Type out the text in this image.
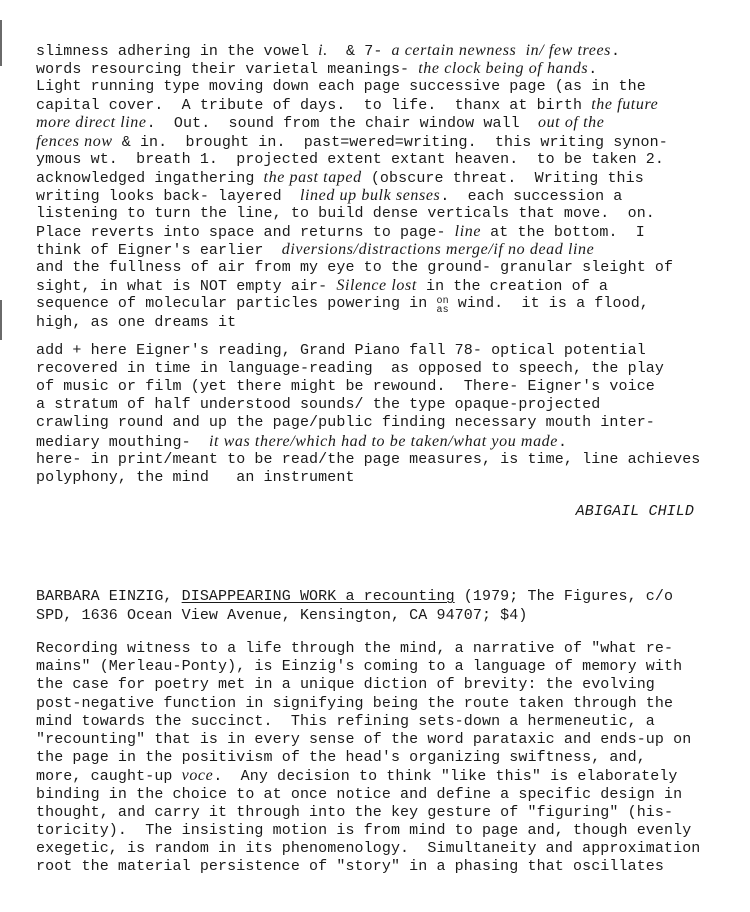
slimness adhering in the vowel i.  & 7- a certain newness  in/ few trees.
words resourcing their varietal meanings- the clock being of hands.
Light running type moving down each page successive page (as in the
capital cover.  A tribute of days.  to life.  thanx at birth the future
more direct line.  Out.  sound from the chair window wall  out of the
fences now & in.  brought in.  past=wered=writing.  this writing synon-
ymous wt.  breath 1.  projected extent extant heaven.  to be taken 2.
acknowledged ingathering the past taped (obscure threat.  Writing this
writing looks back- layered  lined up bulk senses.  each succession a
listening to turn the line, to build dense verticals that move.  on.
Place reverts into space and returns to page- line at the bottom.  I
think of Eigner's earlier  diversions/distractions merge/if no dead line
and the fullness of air from my eye to the ground- granular sleight of
sight, in what is NOT empty air- Silence lost in the creation of a
sequence of molecular particles powering in on
as wind.  it is a flood,
high, as one dreams it
add + here Eigner's reading, Grand Piano fall 78- optical potential
recovered in time in language-reading  as opposed to speech, the play
of music or film (yet there might be rewound.  There- Eigner's voice
a stratum of half understood sounds/ the type opaque-projected
crawling round and up the page/public finding necessary mouth inter-
mediary mouthing-  it was there/which had to be taken/what you made.
here- in print/meant to be read/the page measures, is time, line achieves
polyphony, the mind   an instrument
ABIGAIL CHILD
BARBARA EINZIG, DISAPPEARING WORK a recounting (1979; The Figures, c/o
SPD, 1636 Ocean View Avenue, Kensington, CA 94707; $4)
Recording witness to a life through the mind, a narrative of "what re-
mains" (Merleau-Ponty), is Einzig's coming to a language of memory with
the case for poetry met in a unique diction of brevity: the evolving
post-negative function in signifying being the route taken through the
mind towards the succinct.  This refining sets-down a hermeneutic, a
"recounting" that is in every sense of the word parataxic and ends-up on
the page in the positivism of the head's organizing swiftness, and,
more, caught-up voce.  Any decision to think "like this" is elaborately
binding in the choice to at once notice and define a specific design in
thought, and carry it through into the key gesture of "figuring" (his-
toricity).  The insisting motion is from mind to page and, though evenly
exegetic, is random in its phenomenology.  Simultaneity and approximation
root the material persistence of "story" in a phasing that oscillates
